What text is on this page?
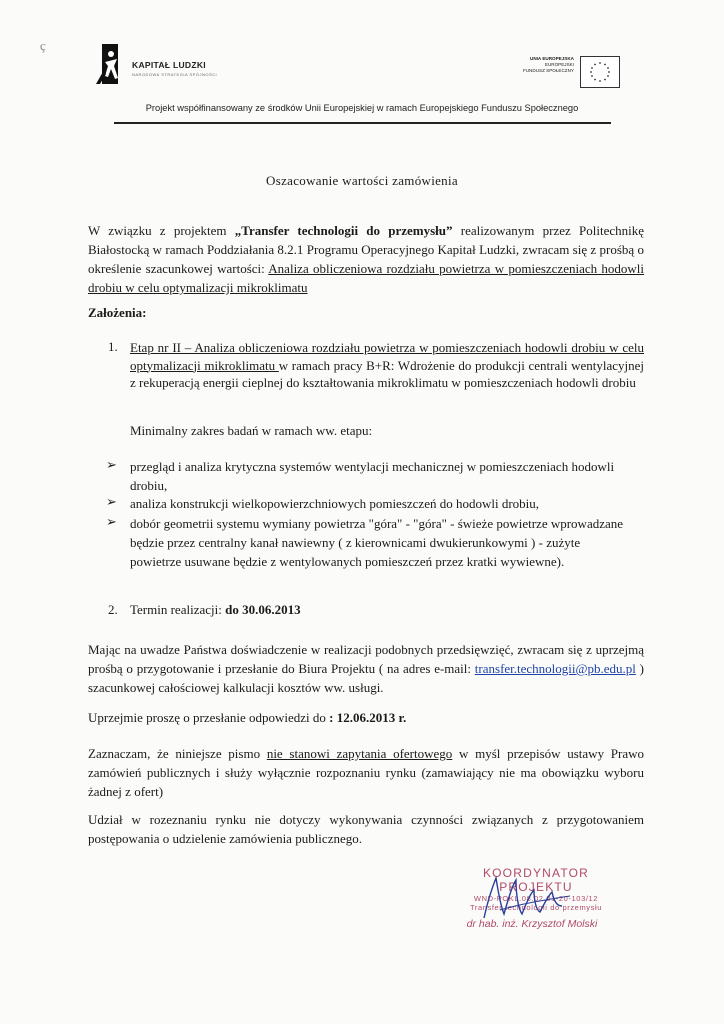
ç
KAPITAŁ LUDZKI
NARODOWA STRATEGIA SPÓJNOŚCI
UNIA EUROPEJSKA
EUROPEJSKI
FUNDUSZ SPOŁECZNY
Projekt współfinansowany ze środków Unii Europejskiej w ramach Europejskiego Funduszu Społecznego
Oszacowanie wartości zamówienia
W związku z projektem „Transfer technologii do przemysłu” realizowanym przez Politechnikę Białostocką w ramach Poddziałania 8.2.1 Programu Operacyjnego Kapitał Ludzki, zwracam się z prośbą o określenie szacunkowej wartości: Analiza obliczeniowa rozdziału powietrza w pomieszczeniach hodowli drobiu w celu optymalizacji mikroklimatu
Założenia:
1. Etap nr II – Analiza obliczeniowa rozdziału powietrza w pomieszczeniach hodowli drobiu w celu optymalizacji mikroklimatu w ramach pracy B+R: Wdrożenie do produkcji centrali wentylacyjnej z rekuperacją energii cieplnej do kształtowania mikroklimatu w pomieszczeniach hodowli drobiu
Minimalny zakres badań w ramach ww. etapu:
➢ przegląd i analiza krytyczna systemów wentylacji mechanicznej w pomieszczeniach hodowli drobiu,
➢ analiza konstrukcji wielkopowierzchniowych pomieszczeń do hodowli drobiu,
➢ dobór geometrii systemu wymiany powietrza "góra" - "góra" - świeże powietrze wprowadzane będzie przez centralny kanał nawiewny ( z kierownicami dwukierunkowymi ) - zużyte powietrze usuwane będzie z wentylowanych pomieszczeń przez kratki wywiewne).
2. Termin realizacji: do 30.06.2013
Mając na uwadze Państwa doświadczenie w realizacji podobnych przedsięwzięć, zwracam się z uprzejmą prośbą o przygotowanie i przesłanie do Biura Projektu ( na adres e-mail: transfer.technologii@pb.edu.pl ) szacunkowej całościowej kalkulacji kosztów ww. usługi.
Uprzejmie proszę o przesłanie odpowiedzi do : 12.06.2013 r.
Zaznaczam, że niniejsze pismo nie stanowi zapytania ofertowego w myśl przepisów ustawy Prawo zamówień publicznych i służy wyłącznie rozpoznaniu rynku (zamawiający nie ma obowiązku wyboru żadnej z ofert)
Udział w rozeznaniu rynku nie dotyczy wykonywania czynności związanych z przygotowaniem postępowania o udzielenie zamówienia publicznego.
KOORDYNATOR PROJEKTU
WND-POKL.08.02.01-20-103/12
Transfer technologii do przemysłu
dr hab. inż. Krzysztof Molski
